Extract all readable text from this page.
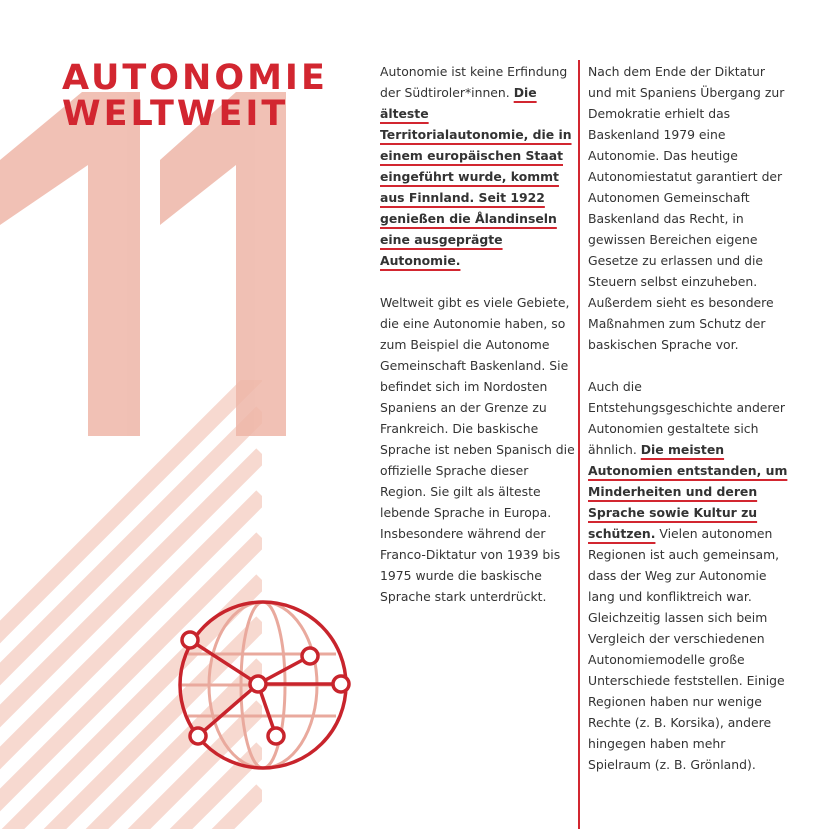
AUTONOMIE
WELTWEIT

Autonomie ist keine Erfindung der Südtiroler*innen. Die älteste Territorialautonomie, die in einem europäischen Staat eingeführt wurde, kommt aus Finnland. Seit 1922 genießen die Ålandinseln eine ausgeprägte Autonomie.

Weltweit gibt es viele Gebiete, die eine Autonomie haben, so zum Beispiel die Autonome Gemeinschaft Baskenland. Sie befindet sich im Nordosten Spaniens an der Grenze zu Frankreich. Die baskische Sprache ist neben Spanisch die offizielle Sprache dieser Region. Sie gilt als älteste lebende Sprache in Europa. Insbesondere während der Franco-Diktatur von 1939 bis 1975 wurde die baskische Sprache stark unterdrückt.

Nach dem Ende der Diktatur und mit Spaniens Übergang zur Demokratie erhielt das Baskenland 1979 eine Autonomie. Das heutige Autonomiestatut garantiert der Autonomen Gemeinschaft Baskenland das Recht, in gewissen Bereichen eigene Gesetze zu erlassen und die Steuern selbst einzuheben. Außerdem sieht es besondere Maßnahmen zum Schutz der baskischen Sprache vor.

Auch die Entstehungsgeschichte anderer Autonomien gestaltete sich ähnlich. Die meisten Autonomien entstanden, um Minderheiten und deren Sprache sowie Kultur zu schützen. Vielen autonomen Regionen ist auch gemeinsam, dass der Weg zur Autonomie lang und konfliktreich war. Gleichzeitig lassen sich beim Vergleich der verschiedenen Autonomiemodelle große Unterschiede feststellen. Einige Regionen haben nur wenige Rechte (z. B. Korsika), andere hingegen haben mehr Spielraum (z. B. Grönland).
